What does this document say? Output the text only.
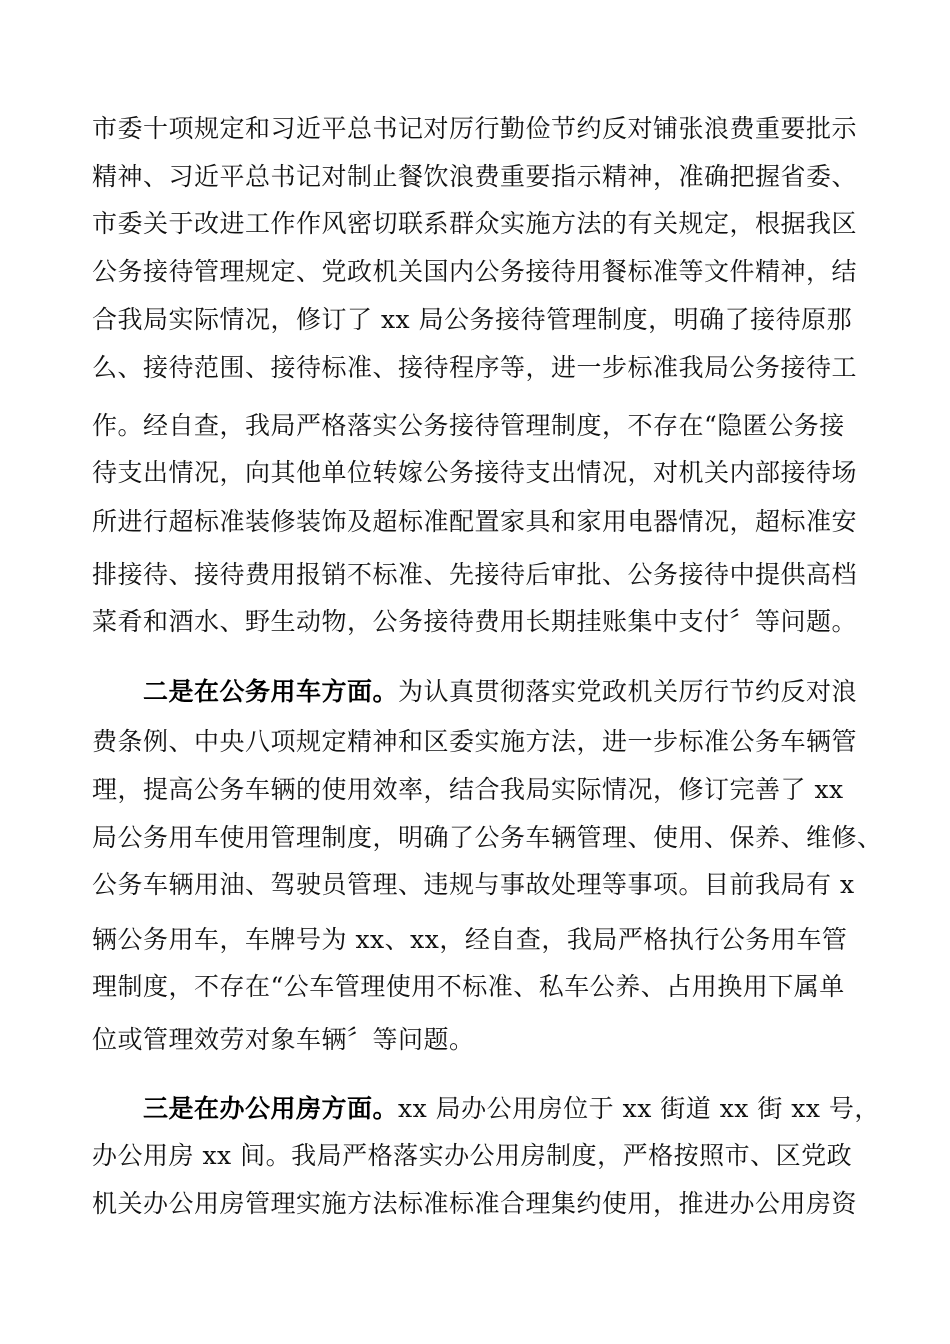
市委十项规定和习近平总书记对厉行勤俭节约反对铺张浪费重要批示
精神、习近平总书记对制止餐饮浪费重要指示精神，准确把握省委、
市委关于改进工作作风密切联系群众实施方法的有关规定，根据我区
公务接待管理规定、党政机关国内公务接待用餐标准等文件精神，结
合我局实际情况，修订了 xx 局公务接待管理制度，明确了接待原那
么、接待范围、接待标准、接待程序等，进一步标准我局公务接待工
作。经自查，我局严格落实公务接待管理制度，不存在“隐匿公务接
待支出情况，向其他单位转嫁公务接待支出情况，对机关内部接待场
所进行超标准装修装饰及超标准配置家具和家用电器情况，超标准安
排接待、接待费用报销不标准、先接待后审批、公务接待中提供高档
菜肴和酒水、野生动物，公务接待费用长期挂账集中支付〞等问题。
二是在公务用车方面。为认真贯彻落实党政机关厉行节约反对浪
费条例、中央八项规定精神和区委实施方法，进一步标准公务车辆管
理，提高公务车辆的使用效率，结合我局实际情况，修订完善了 xx
局公务用车使用管理制度，明确了公务车辆管理、使用、保养、维修、
公务车辆用油、驾驶员管理、违规与事故处理等事项。目前我局有 x
辆公务用车，车牌号为 xx、xx，经自查，我局严格执行公务用车管
理制度，不存在“公车管理使用不标准、私车公养、占用换用下属单
位或管理效劳对象车辆〞等问题。
三是在办公用房方面。xx 局办公用房位于 xx 街道 xx 街 xx 号，
办公用房 xx 间。我局严格落实办公用房制度，严格按照市、区党政
机关办公用房管理实施方法标准标准合理集约使用，推进办公用房资
